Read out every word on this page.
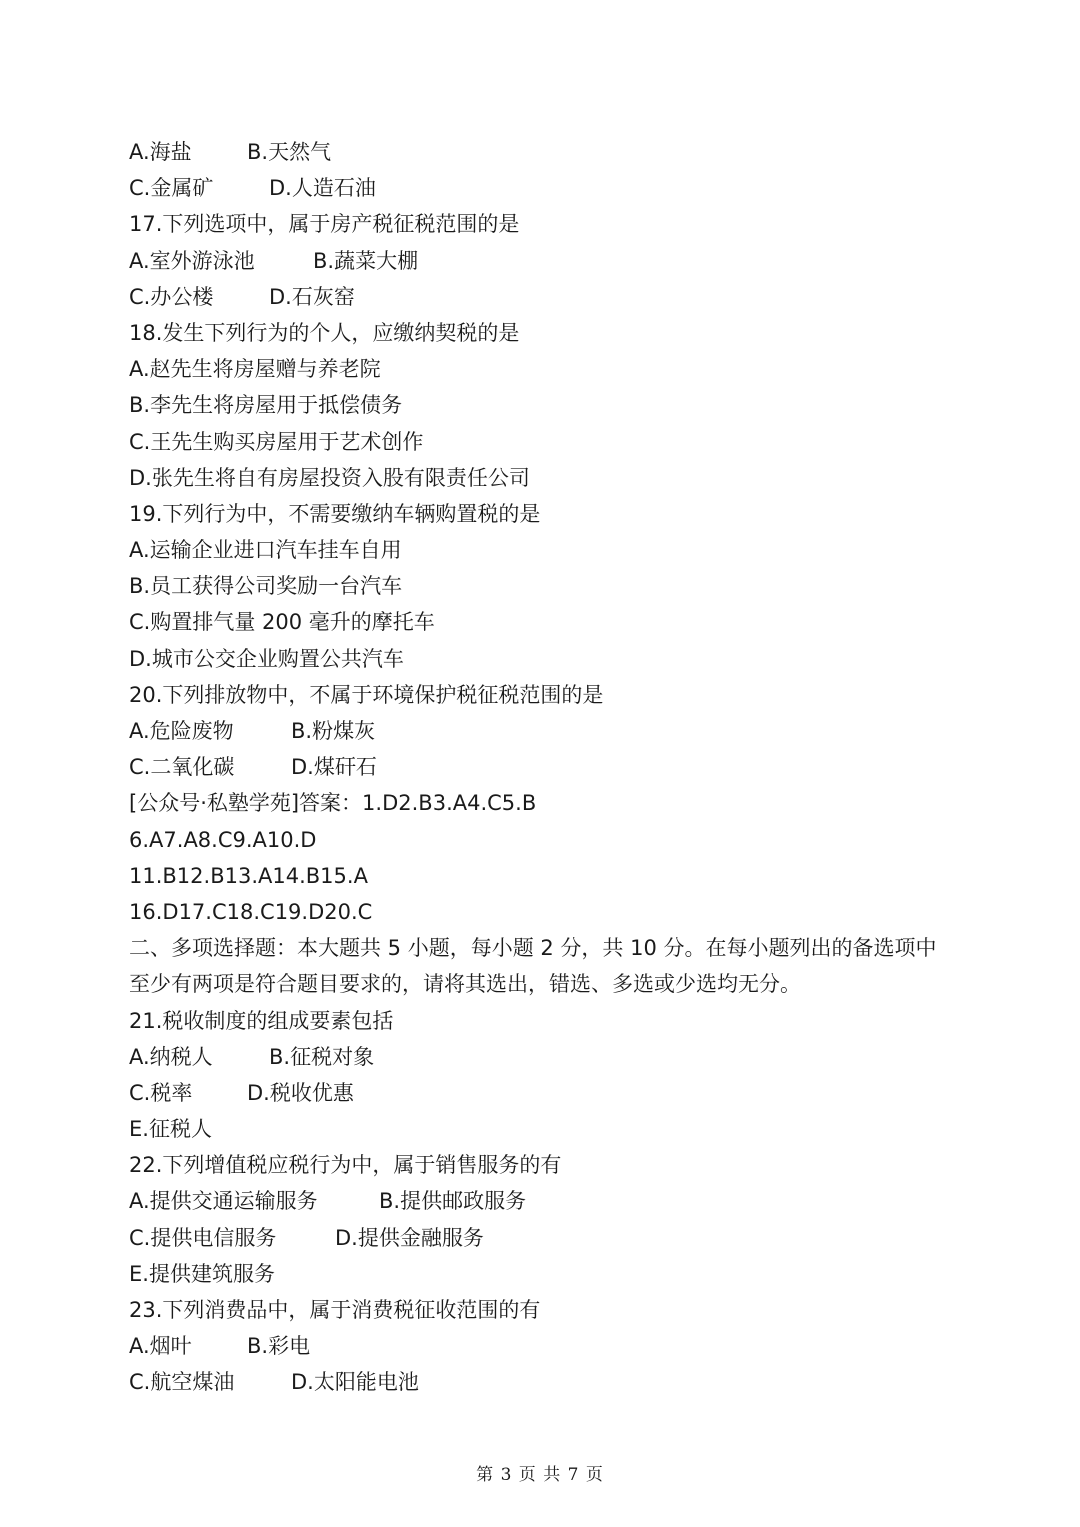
A.海盐	B.天然气
C.金属矿	D.人造石油
17.下列选项中，属于房产税征税范围的是
A.室外游泳池	B.蔬菜大棚
C.办公楼	D.石灰窑
18.发生下列行为的个人，应缴纳契税的是
A.赵先生将房屋赠与养老院
B.李先生将房屋用于抵偿债务
C.王先生购买房屋用于艺术创作
D.张先生将自有房屋投资入股有限责任公司
19.下列行为中，不需要缴纳车辆购置税的是
A.运输企业进口汽车挂车自用
B.员工获得公司奖励一台汽车
C.购置排气量 200 毫升的摩托车
D.城市公交企业购置公共汽车
20.下列排放物中，不属于环境保护税征税范围的是
A.危险废物	B.粉煤灰
C.二氧化碳	D.煤矸石
[公众号·私塾学苑]答案：1.D2.B3.A4.C5.B
6.A7.A8.C9.A10.D
11.B12.B13.A14.B15.A
16.D17.C18.C19.D20.C
二、多项选择题：本大题共 5 小题，每小题 2 分，共 10 分。在每小题列出的备选项中
至少有两项是符合题目要求的，请将其选出，错选、多选或少选均无分。
21.税收制度的组成要素包括
A.纳税人	B.征税对象
C.税率	D.税收优惠
E.征税人
22.下列增值税应税行为中，属于销售服务的有
A.提供交通运输服务	B.提供邮政服务
C.提供电信服务	D.提供金融服务
E.提供建筑服务
23.下列消费品中，属于消费税征收范围的有
A.烟叶	B.彩电
C.航空煤油	D.太阳能电池
第 3 页 共 7 页
